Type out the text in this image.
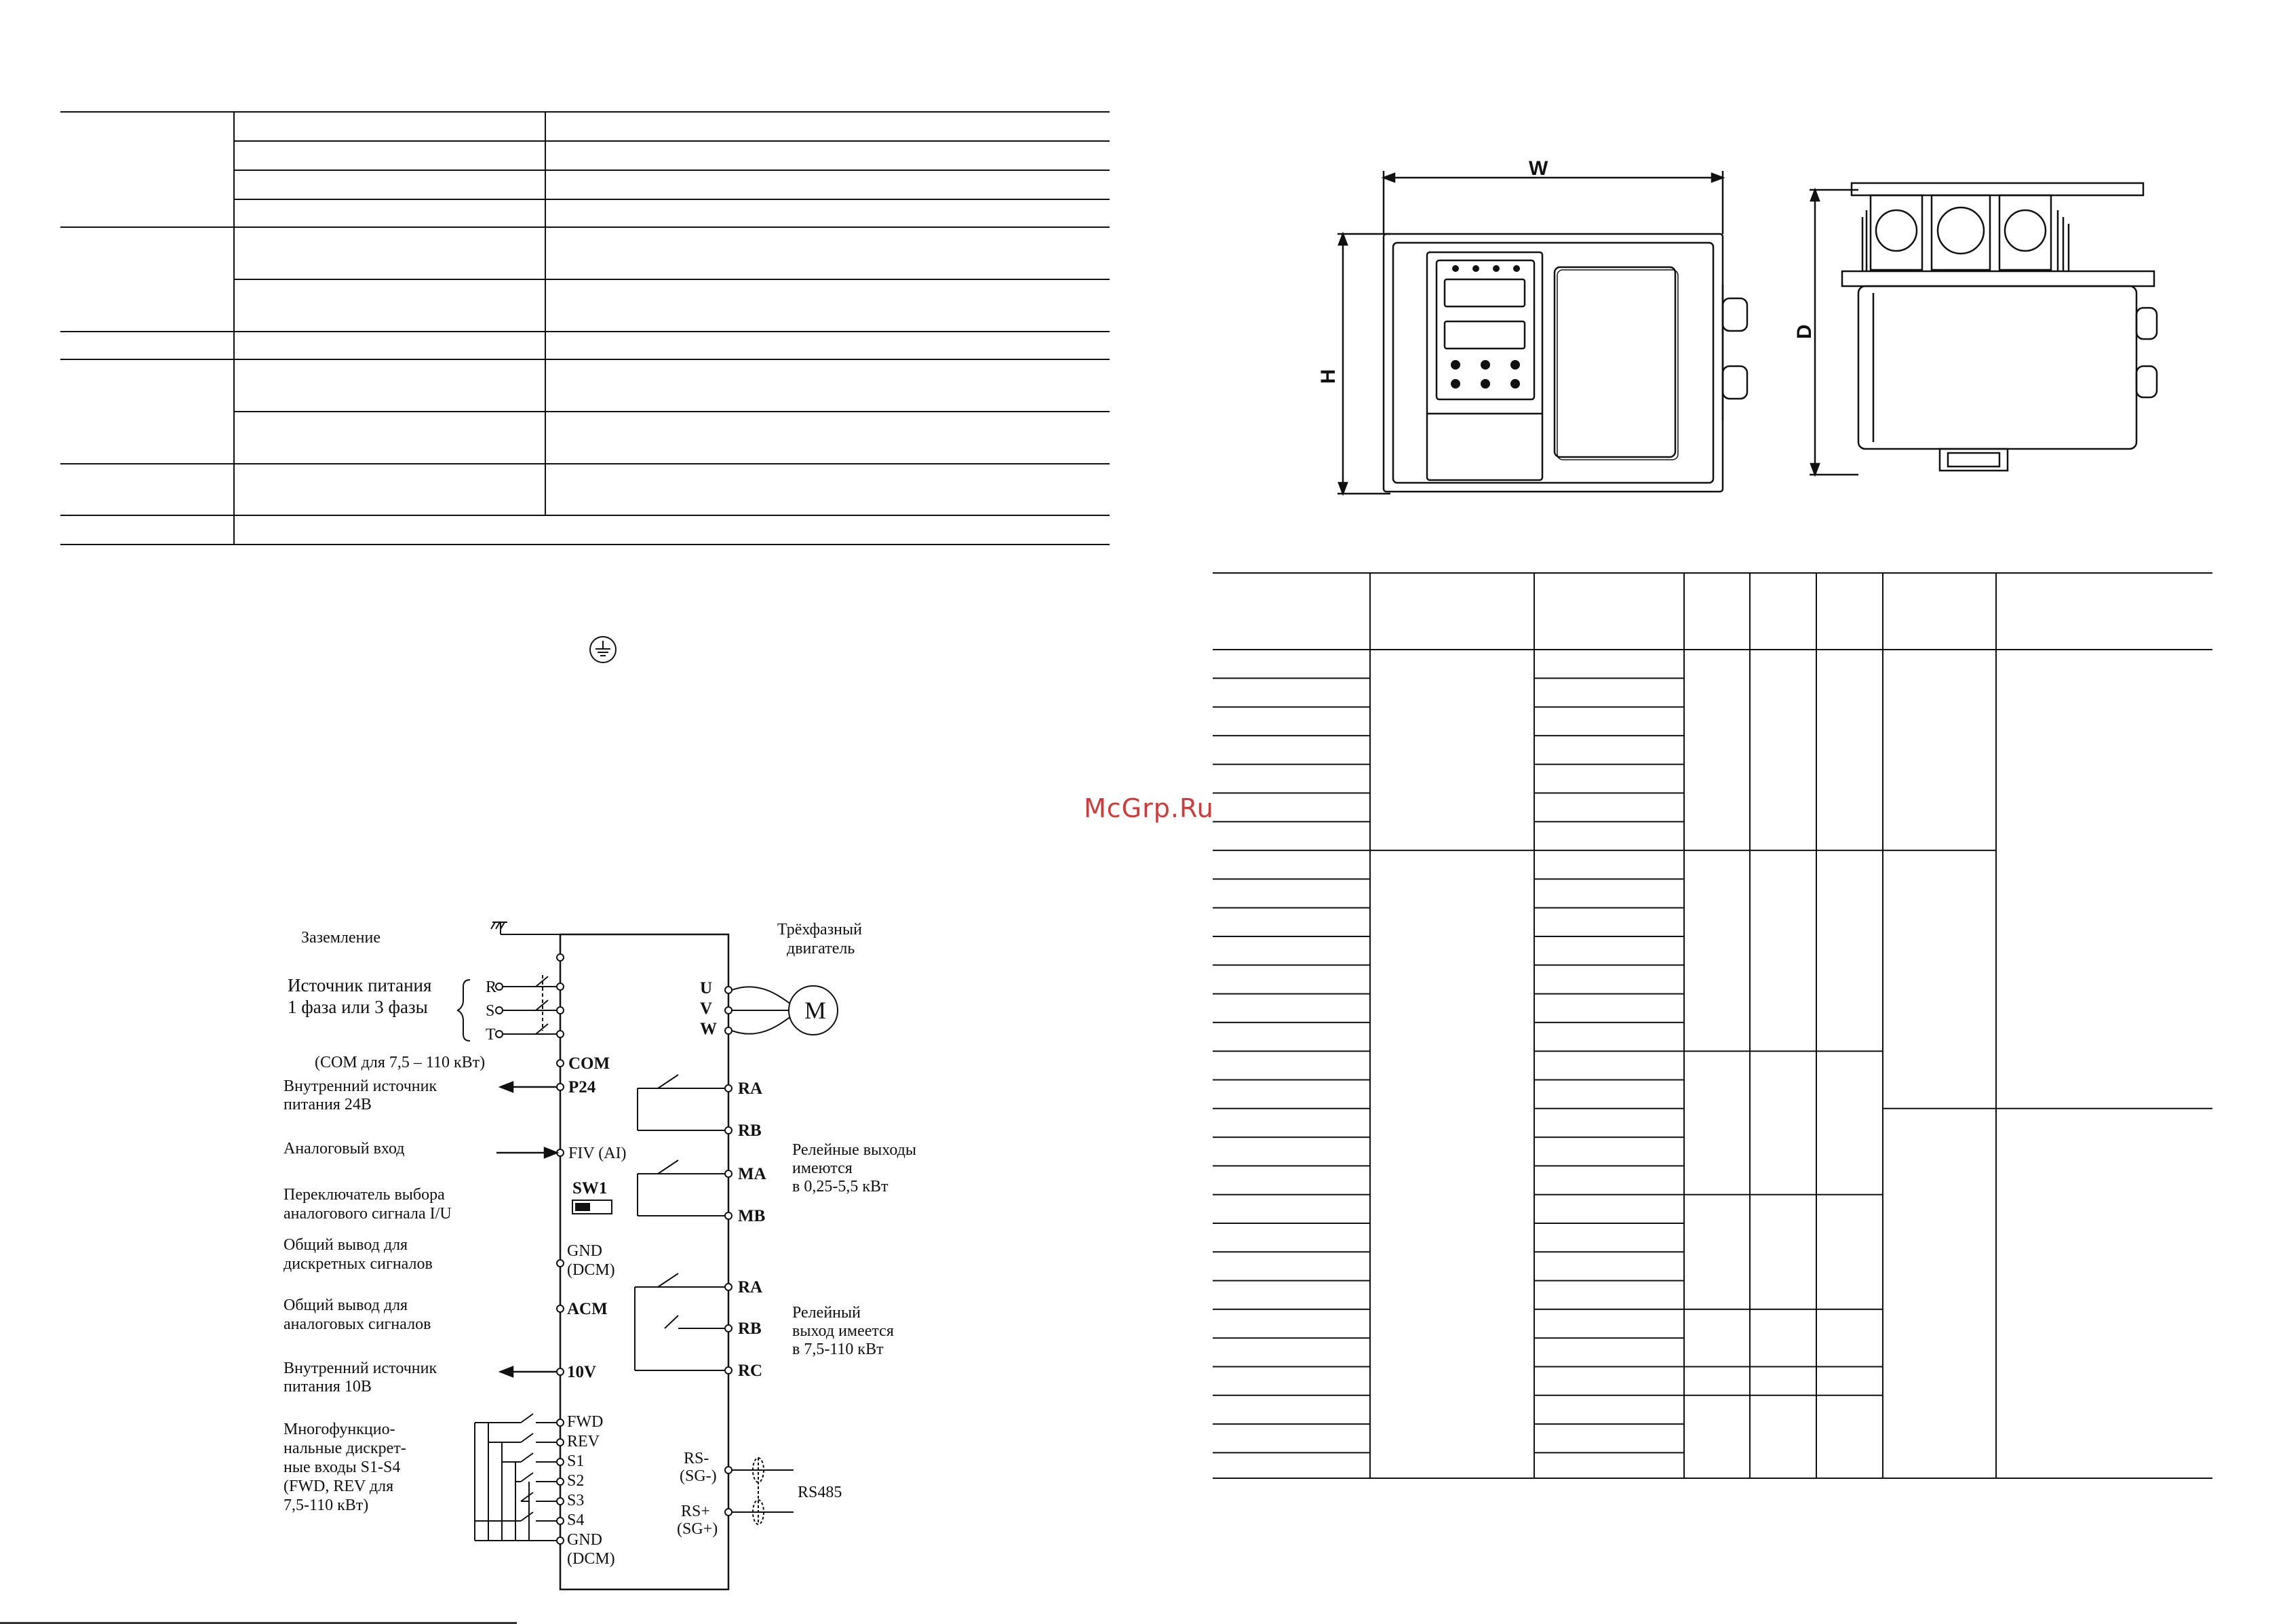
McGrp.Ru
R
S
T
Заземление
Источник питания
1 фаза или 3 фазы
(COM для 7,5 – 110 кВт)
Внутренний источник
питания 24В
Аналоговый вход
Переключатель выбора
аналогового сигнала I/U
Общий вывод для
дискретных сигналов
Общий вывод для
аналоговых сигналов
Внутренний источник
питания 10В
Многофункцио-
нальные дискрет-
ные входы S1-S4
(FWD, REV для
7,5-110 кВт)
COM
P24
FIV (AI)
SW1
GND
(DCM)
ACM
10V
FWD
REV
S1
S2
S3
S4
GND
(DCM)
U
V
W
M
RA
RB
MA
MB
RA
RB
RC
RS-
(SG-)
RS+
(SG+)
RS485
Трёхфазный
двигатель
Релейные выходы
имеются
в 0,25-5,5 кВт
Релейный
выход имеется
в 7,5-110 кВт
W
H
D
